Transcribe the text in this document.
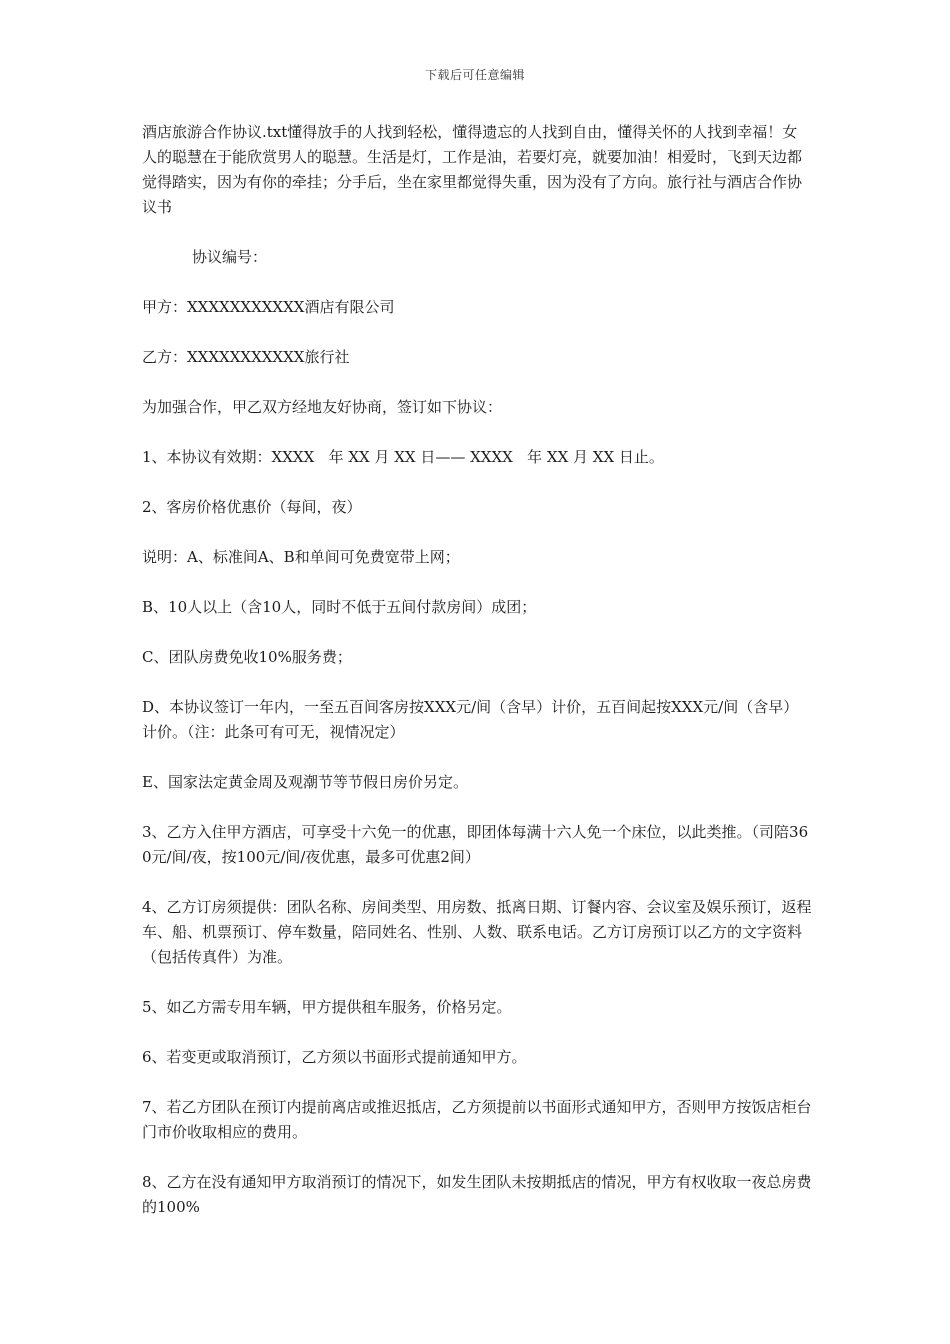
下载后可任意编辑

酒店旅游合作协议.txt懂得放手的人找到轻松，懂得遗忘的人找到自由，懂得关怀的人找到幸福！女人的聪慧在于能欣赏男人的聪慧。生活是灯，工作是油，若要灯亮，就要加油！相爱时，飞到天边都觉得踏实，因为有你的牵挂；分手后，坐在家里都觉得失重，因为没有了方向。旅行社与酒店合作协议书

协议编号：

甲方：XXXXXXXXXXX酒店有限公司

乙方：XXXXXXXXXXX旅行社

为加强合作，甲乙双方经地友好协商，签订如下协议：

1、本协议有效期：XXXX   年 XX 月 XX 日—— XXXX   年 XX 月 XX 日止。

2、客房价格优惠价（每间，夜）

说明：A、标准间A、B和单间可免费宽带上网；

B、10人以上（含10人，同时不低于五间付款房间）成团；

C、团队房费免收10%服务费；

D、本协议签订一年内，一至五百间客房按XXX元/间（含早）计价，五百间起按XXX元/间（含早）计价。（注：此条可有可无，视情况定）

E、国家法定黄金周及观潮节等节假日房价另定。

3、乙方入住甲方酒店，可享受十六免一的优惠，即团体每满十六人免一个床位，以此类推。（司陪360元/间/夜，按100元/间/夜优惠，最多可优惠2间）

4、乙方订房须提供：团队名称、房间类型、用房数、抵离日期、订餐内容、会议室及娱乐预订，返程车、船、机票预订、停车数量，陪同姓名、性别、人数、联系电话。乙方订房预订以乙方的文字资料（包括传真件）为准。

5、如乙方需专用车辆，甲方提供租车服务，价格另定。

6、若变更或取消预订，乙方须以书面形式提前通知甲方。

7、若乙方团队在预订内提前离店或推迟抵店，乙方须提前以书面形式通知甲方，否则甲方按饭店柜台门市价收取相应的费用。

8、乙方在没有通知甲方取消预订的情况下，如发生团队未按期抵店的情况，甲方有权收取一夜总房费的100%
